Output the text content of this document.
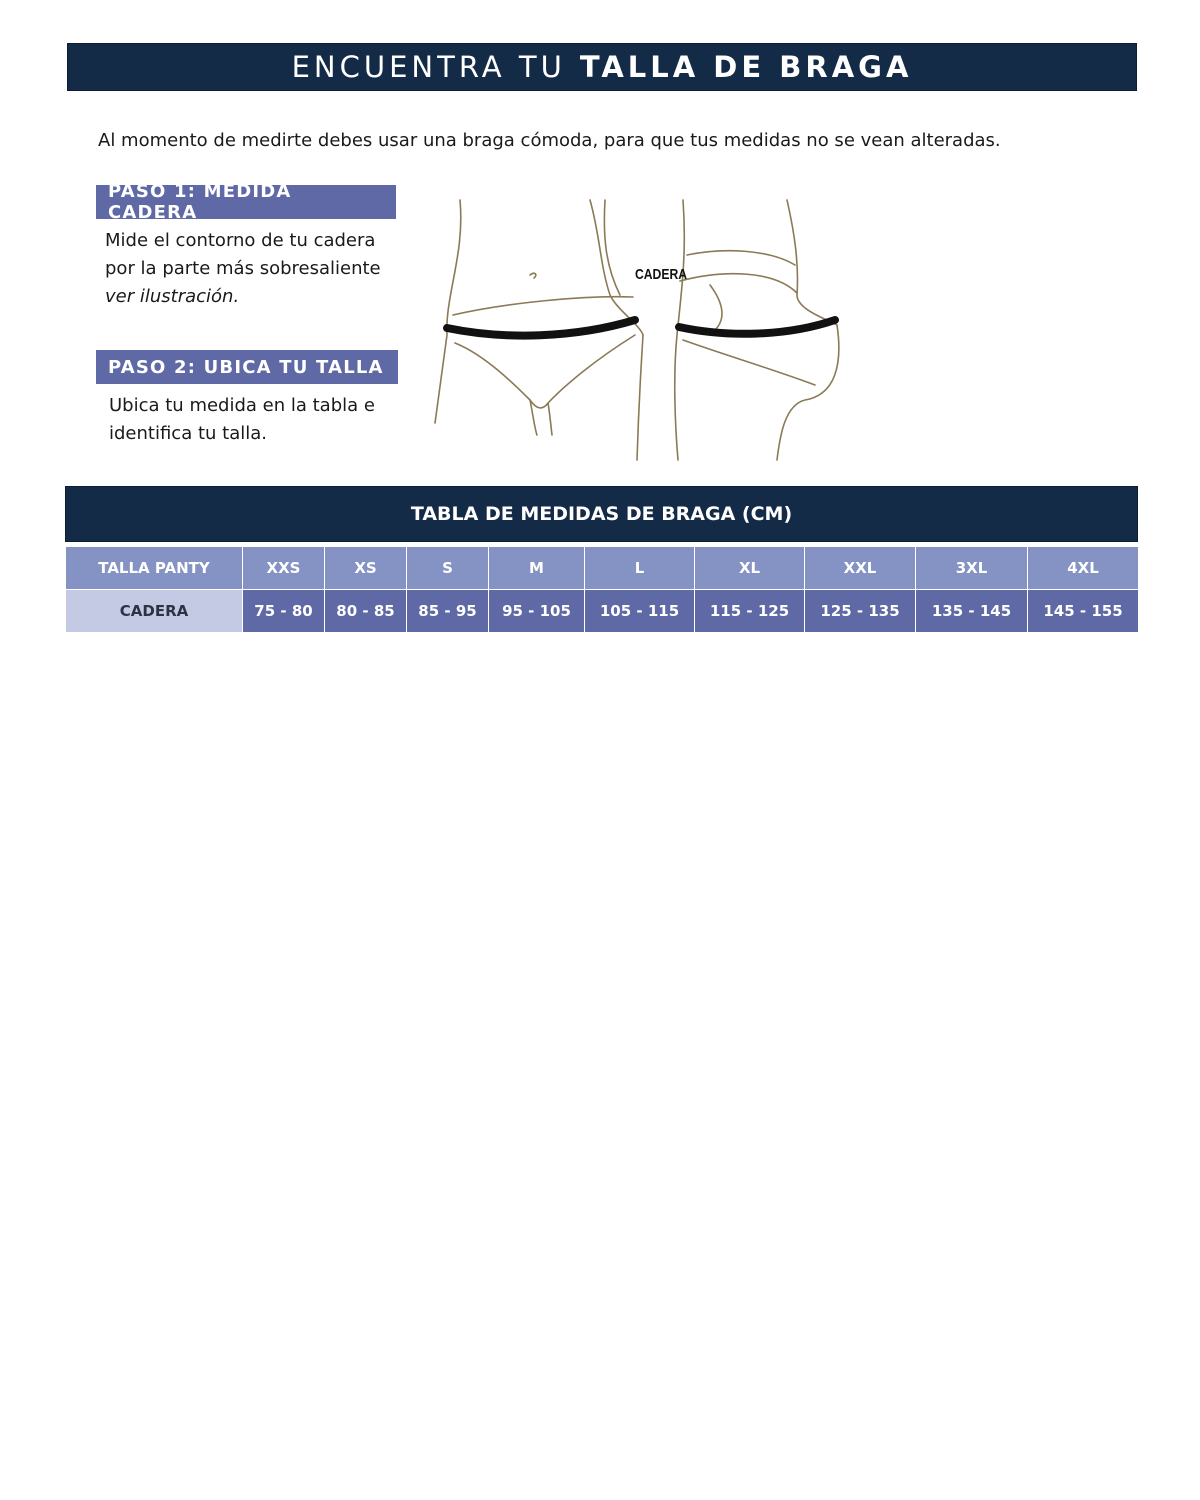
ENCUENTRA TU TALLA DE BRAGA
Al momento de medirte debes usar una braga cómoda, para que tus medidas no se vean alteradas.
PASO 1: MEDIDA CADERA
Mide el contorno de tu cadera
por la parte más sobresaliente
ver ilustración.
PASO 2: UBICA TU TALLA
Ubica tu medida en la tabla e
identifica tu talla.
CADERA
TABLA DE MEDIDAS DE BRAGA (CM)
TALLA PANTY	XXS	XS	S	M	L	XL	XXL	3XL	4XL
CADERA	75 - 80	80 - 85	85 - 95	95 - 105	105 - 115	115 - 125	125 - 135	135 - 145	145 - 155
